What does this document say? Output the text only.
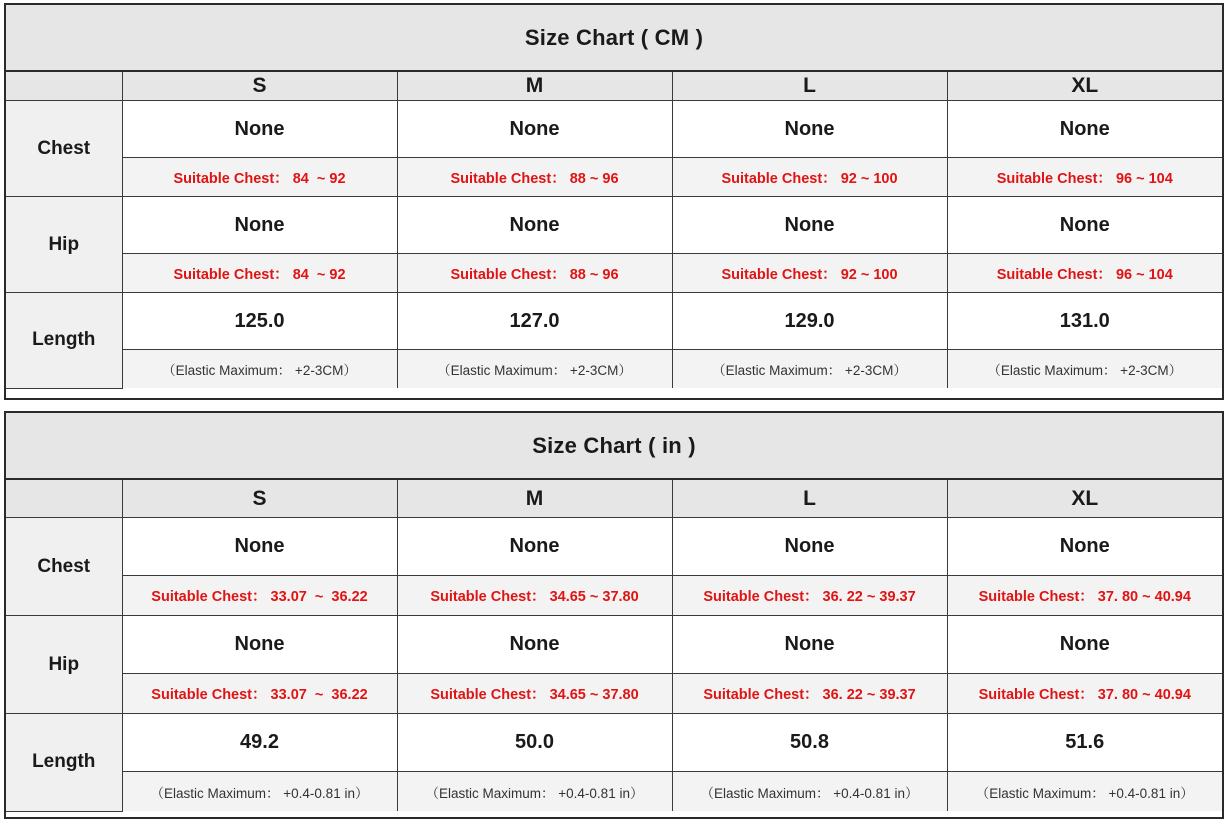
Size Chart ( CM )
	S	M	L	XL
Chest	None	None	None	None
	Suitable Chest： 84  ~ 92	Suitable Chest： 88 ~ 96	Suitable Chest： 92 ~ 100	Suitable Chest： 96 ~ 104
Hip	None	None	None	None
	Suitable Chest： 84  ~ 92	Suitable Chest： 88 ~ 96	Suitable Chest： 92 ~ 100	Suitable Chest： 96 ~ 104
Length	125.0	127.0	129.0	131.0
	（Elastic Maximum： +2-3CM）	（Elastic Maximum： +2-3CM）	（Elastic Maximum： +2-3CM）	（Elastic Maximum： +2-3CM）
Size Chart ( in )
	S	M	L	XL
Chest	None	None	None	None
	Suitable Chest： 33.07  ~  36.22	Suitable Chest： 34.65 ~ 37.80	Suitable Chest： 36. 22 ~ 39.37	Suitable Chest： 37. 80 ~ 40.94
Hip	None	None	None	None
	Suitable Chest： 33.07  ~  36.22	Suitable Chest： 34.65 ~ 37.80	Suitable Chest： 36. 22 ~ 39.37	Suitable Chest： 37. 80 ~ 40.94
Length	49.2	50.0	50.8	51.6
	（Elastic Maximum： +0.4-0.81 in）	（Elastic Maximum： +0.4-0.81 in）	（Elastic Maximum： +0.4-0.81 in）	（Elastic Maximum： +0.4-0.81 in）
